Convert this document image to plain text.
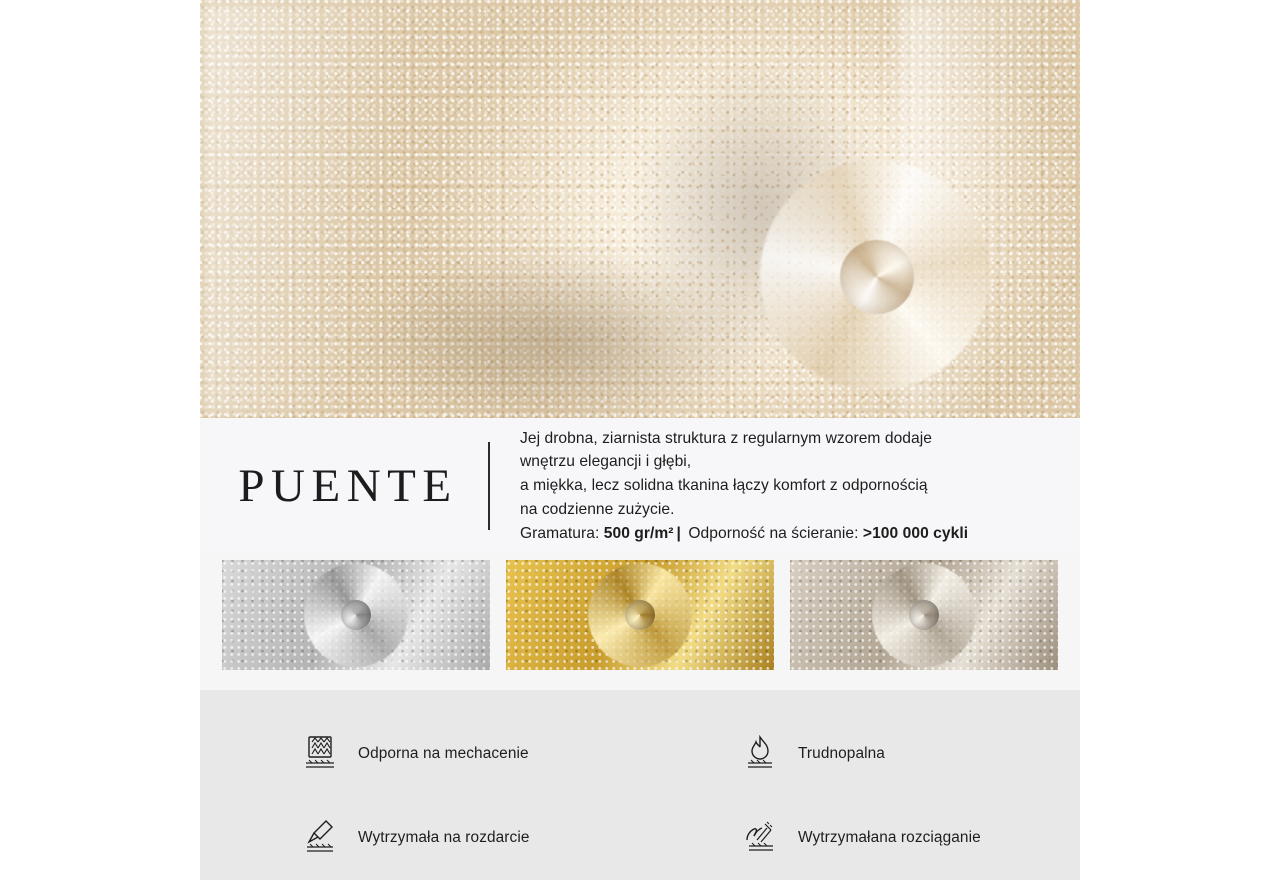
PUENTE

Jej drobna, ziarnista struktura z regularnym wzorem dodaje

wnętrzu elegancji i głębi,

a miękka, lecz solidna tkanina łączy komfort z odpornością

na codzienne zużycie.

Gramatura: 500 gr/m² | Odporność na ścieranie: >100 000 cykli

Odporna na mechacenie	Trudnopalna
Wytrzymała na rozdarcie	Wytrzymałana rozciąganie
